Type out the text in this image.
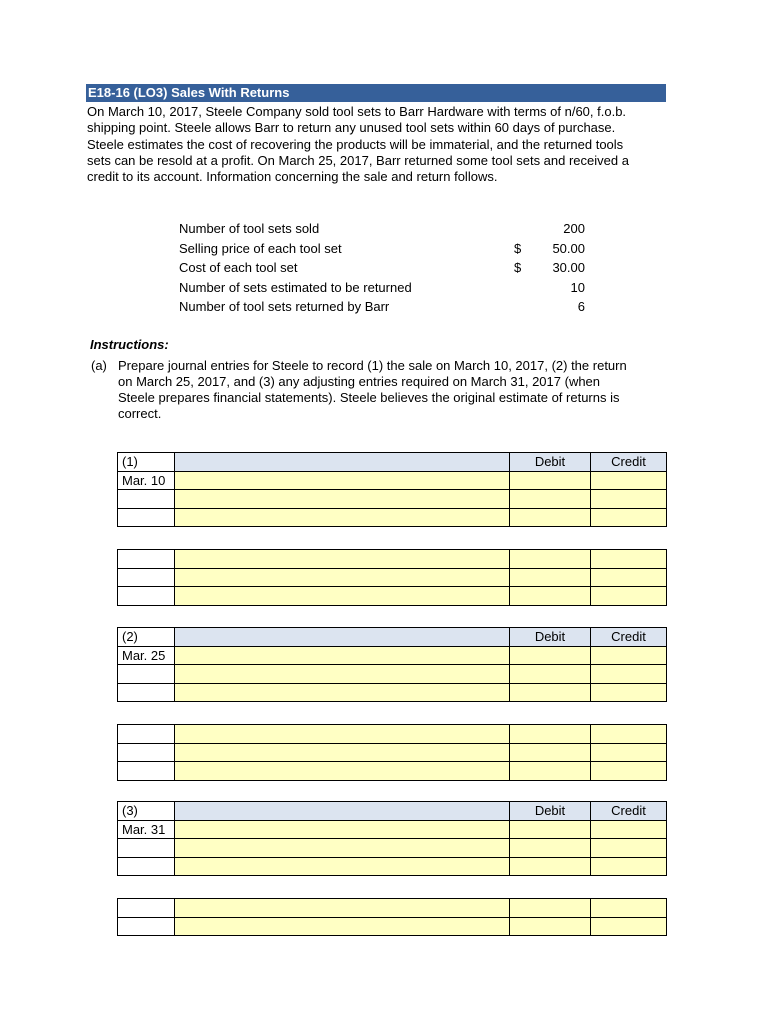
E18-16 (LO3) Sales With Returns
On March 10, 2017, Steele Company sold tool sets to Barr Hardware with terms of n/60, f.o.b.
shipping point. Steele allows Barr to return any unused tool sets within 60 days of purchase.
Steele estimates the cost of recovering the products will be immaterial, and the returned tools
sets can be resold at a profit. On March 25, 2017, Barr returned some tool sets and received a
credit to its account. Information concerning the sale and return follows.
Number of tool sets sold	200
Selling price of each tool set	$ 50.00
Cost of each tool set	$ 30.00
Number of sets estimated to be returned	10
Number of tool sets returned by Barr	6
Instructions:
(a) Prepare journal entries for Steele to record (1) the sale on March 10, 2017, (2) the return
on March 25, 2017, and (3) any adjusting entries required on March 31, 2017 (when
Steele prepares financial statements). Steele believes the original estimate of returns is
correct.
(1)		Debit	Credit
Mar. 10			

(2)		Debit	Credit
Mar. 25			

(3)		Debit	Credit
Mar. 31			
